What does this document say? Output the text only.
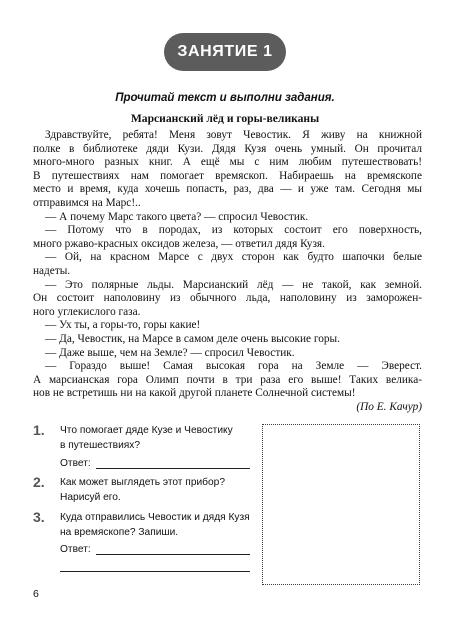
ЗАНЯТИЕ 1
Прочитай текст и выполни задания.
Марсианский лёд и горы-великаны
Здравствуйте, ребята! Меня зовут Чевостик. Я живу на книжной
полке в библиотеке дяди Кузи. Дядя Кузя очень умный. Он прочитал
много-много разных книг. А ещё мы с ним любим путешествовать!
В путешествиях нам помогает времяскоп. Набираешь на времяскопе
место и время, куда хочешь попасть, раз, два — и уже там. Сегодня мы
отправимся на Марс!..
— А почему Марс такого цвета? — спросил Чевостик.
— Потому что в породах, из которых состоит его поверхность,
много ржаво-красных оксидов железа, — ответил дядя Кузя.
— Ой, на красном Марсе с двух сторон как будто шапочки белые
надеты.
— Это полярные льды. Марсианский лёд — не такой, как земной.
Он состоит наполовину из обычного льда, наполовину из заморожен-
ного углекислого газа.
— Ух ты, а горы-то, горы какие!
— Да, Чевостик, на Марсе в самом деле очень высокие горы.
— Даже выше, чем на Земле? — спросил Чевостик.
— Гораздо выше! Самая высокая гора на Земле — Эверест.
А марсианская гора Олимп почти в три раза его выше! Таких велика-
нов не встретишь ни на какой другой планете Солнечной системы!
(По Е. Качур)
1. Что помогает дяде Кузе и Чевостику
в путешествиях?
Ответ:
2. Как может выглядеть этот прибор?
Нарисуй его.
3. Куда отправились Чевостик и дядя Кузя
на времяскопе? Запиши.
Ответ:
6
